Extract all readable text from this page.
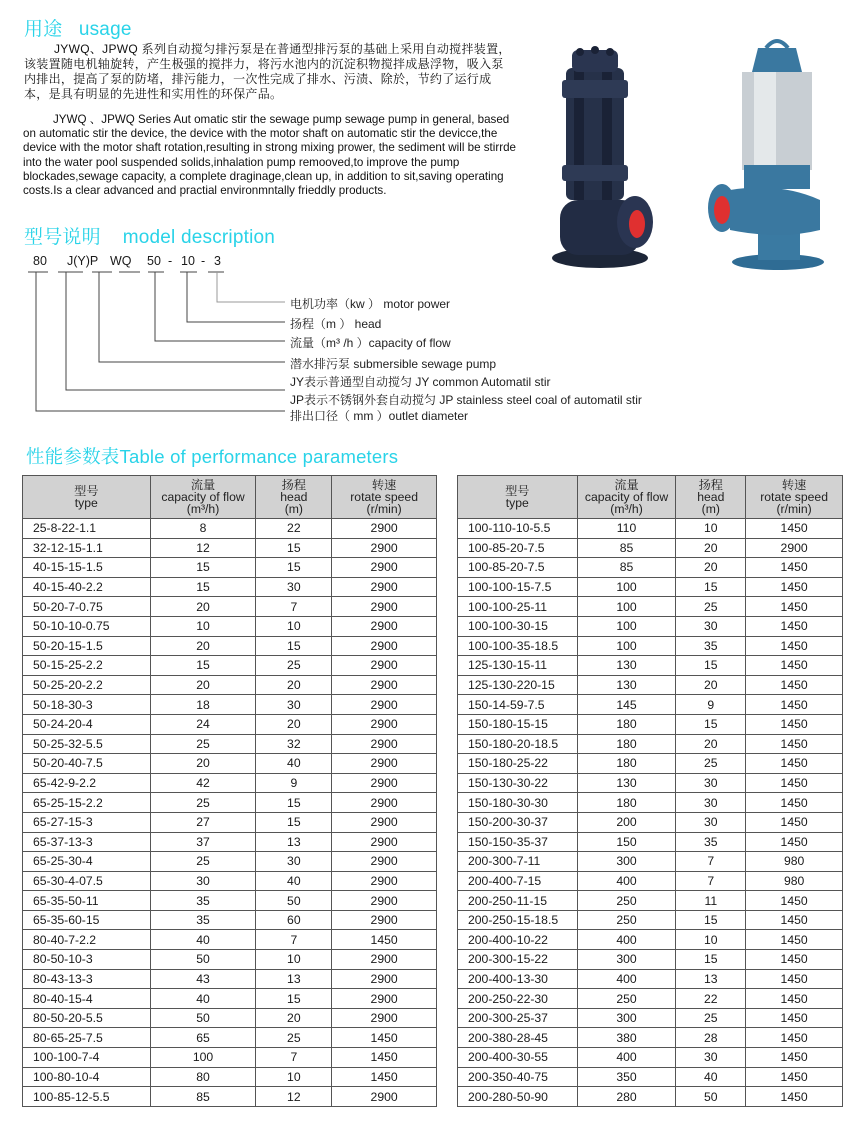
用途 usage

JYWQ、JPWQ 系列自动搅匀排污泵是在普通型排污泵的基础上采用自动搅拌装置，该装置随电机轴旋转，产生极强的搅拌力，将污水池内的沉淀积物搅拌成悬浮物，吸入泵内排出，提高了泵的防堵，排污能力，一次性完成了排水、污渍、除於，节约了运行成本，是具有明显的先进性和实用性的环保产品。

JYWQ 、JPWQ Series Aut omatic stir the sewage pump sewage pump in general, based on automatic stir the device, the device with the motor shaft on automatic stir the devicce,the device with the motor shaft rotation,resulting in strong mixing prower, the sediment will be stirrde into the water pool suspended solids,inhalation pump remooved,to improve the pump blockades,sewage capacity, a complete draginage,clean up, in addition to sit,saving operating costs.Is a clear advanced and practial environmntally frieddly products.

型号说明 model description
80 J(Y)P WQ 50 - 10 - 3
电机功率（kw ） motor power
扬程（m ） head
流量（m³ /h ）capacity of flow
潜水排污泵 submersible sewage pump
JY表示普通型自动搅匀 JY common Automatil stir
JP表示不锈钢外套自动搅匀 JP stainless steel coal of automatil stir
排出口径（ mm ）outlet diameter
性能参数表Table of performance parameters
型号
type	流量
capacity of flow
(m³/h)	扬程
head
(m)	转速
rotate speed
(r/min)
25-8-22-1.1	8	22	2900
32-12-15-1.1	12	15	2900
40-15-15-1.5	15	15	2900
40-15-40-2.2	15	30	2900
50-20-7-0.75	20	7	2900
50-10-10-0.75	10	10	2900
50-20-15-1.5	20	15	2900
50-15-25-2.2	15	25	2900
50-25-20-2.2	20	20	2900
50-18-30-3	18	30	2900
50-24-20-4	24	20	2900
50-25-32-5.5	25	32	2900
50-20-40-7.5	20	40	2900
65-42-9-2.2	42	9	2900
65-25-15-2.2	25	15	2900
65-27-15-3	27	15	2900
65-37-13-3	37	13	2900
65-25-30-4	25	30	2900
65-30-4-07.5	30	40	2900
65-35-50-11	35	50	2900
65-35-60-15	35	60	2900
80-40-7-2.2	40	7	1450
80-50-10-3	50	10	2900
80-43-13-3	43	13	2900
80-40-15-4	40	15	2900
80-50-20-5.5	50	20	2900
80-65-25-7.5	65	25	1450
100-100-7-4	100	7	1450
100-80-10-4	80	10	1450
100-85-12-5.5	85	12	2900
型号
type	流量
capacity of flow
(m³/h)	扬程
head
(m)	转速
rotate speed
(r/min)
100-110-10-5.5	110	10	1450
100-85-20-7.5	85	20	2900
100-85-20-7.5	85	20	1450
100-100-15-7.5	100	15	1450
100-100-25-11	100	25	1450
100-100-30-15	100	30	1450
100-100-35-18.5	100	35	1450
125-130-15-11	130	15	1450
125-130-220-15	130	20	1450
150-14-59-7.5	145	9	1450
150-180-15-15	180	15	1450
150-180-20-18.5	180	20	1450
150-180-25-22	180	25	1450
150-130-30-22	130	30	1450
150-180-30-30	180	30	1450
150-200-30-37	200	30	1450
150-150-35-37	150	35	1450
200-300-7-11	300	7	980
200-400-7-15	400	7	980
200-250-11-15	250	11	1450
200-250-15-18.5	250	15	1450
200-400-10-22	400	10	1450
200-300-15-22	300	15	1450
200-400-13-30	400	13	1450
200-250-22-30	250	22	1450
200-300-25-37	300	25	1450
200-380-28-45	380	28	1450
200-400-30-55	400	30	1450
200-350-40-75	350	40	1450
200-280-50-90	280	50	1450
